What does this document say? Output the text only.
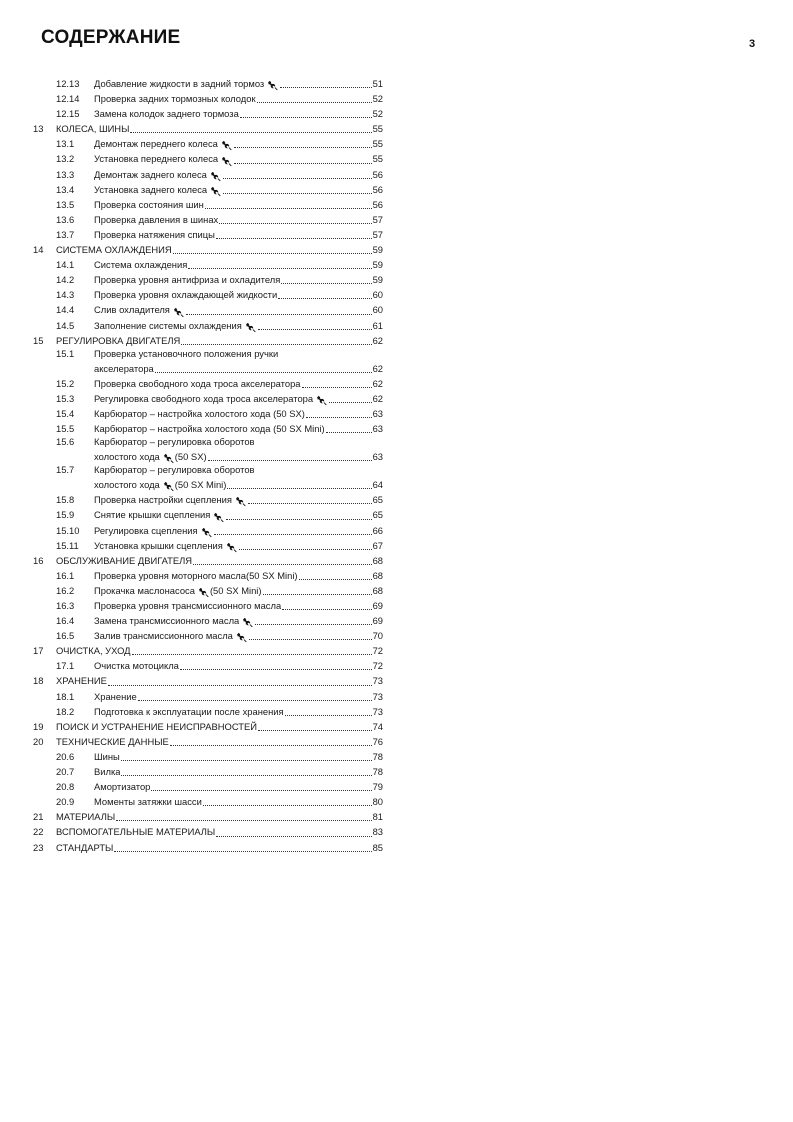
СОДЕРЖАНИЕ	3
12.13	Добавление жидкости в задний тормоз	51
12.14	Проверка задних тормозных колодок	52
12.15	Замена колодок заднего тормоза	52
13	КОЛЕСА, ШИНЫ	55
13.1	Демонтаж переднего колеса	55
13.2	Установка переднего колеса	55
13.3	Демонтаж заднего колеса	56
13.4	Установка заднего колеса	56
13.5	Проверка состояния шин	56
13.6	Проверка давления в шинах	57
13.7	Проверка натяжения спицы	57
14	СИСТЕМА ОХЛАЖДЕНИЯ	59
14.1	Система охлаждения	59
14.2	Проверка уровня антифриза и охладителя	59
14.3	Проверка уровня охлаждающей жидкости	60
14.4	Слив охладителя	60
14.5	Заполнение системы охлаждения	61
15	РЕГУЛИРОВКА ДВИГАТЕЛЯ	62
15.1	Проверка установочного положения ручки
акселератора	62
15.2	Проверка свободного хода троса акселератора	62
15.3	Регулировка свободного хода троса акселератора	62
15.4	Карбюратор – настройка холостого хода (50 SX)	63
15.5	Карбюратор – настройка холостого хода (50 SX Mini)	63
15.6	Карбюратор – регулировка оборотов
холостого хода (50 SX)	63
15.7	Карбюратор – регулировка оборотов
холостого хода (50 SX Mini)	64
15.8	Проверка настройки сцепления	65
15.9	Снятие крышки сцепления	65
15.10	Регулировка сцепления	66
15.11	Установка крышки сцепления	67
16	ОБСЛУЖИВАНИЕ ДВИГАТЕЛЯ	68
16.1	Проверка уровня моторного масла(50 SX Mini)	68
16.2	Прокачка маслонасоса (50 SX Mini)	68
16.3	Проверка уровня трансмиссионного масла	69
16.4	Замена трансмиссионного масла	69
16.5	Залив трансмиссионного масла	70
17	ОЧИСТКА, УХОД	72
17.1	Очистка мотоцикла	72
18	ХРАНЕНИЕ	73
18.1	Хранение	73
18.2	Подготовка к эксплуатации после хранения	73
19	ПОИСК И УСТРАНЕНИЕ НЕИСПРАВНОСТЕЙ	74
20	ТЕХНИЧЕСКИЕ ДАННЫЕ	76
20.6	Шины	78
20.7	Вилка	78
20.8	Амортизатор	79
20.9	Моменты затяжки шасси	80
21	МАТЕРИАЛЫ	81
22	ВСПОМОГАТЕЛЬНЫЕ МАТЕРИАЛЫ	83
23	СТАНДАРТЫ	85
